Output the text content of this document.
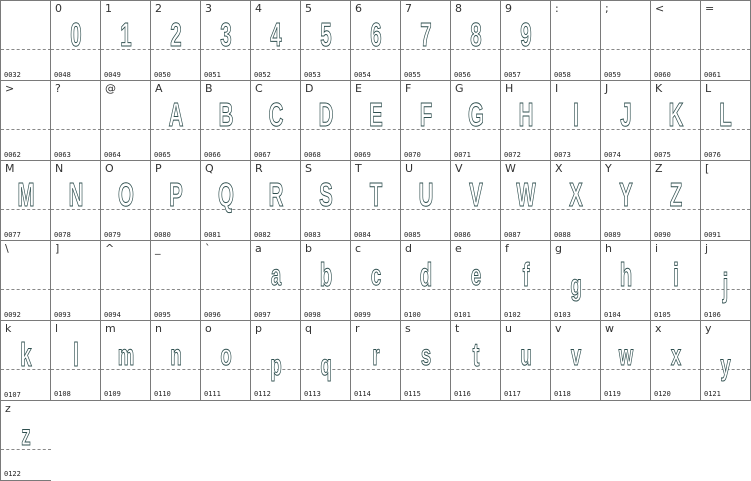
0032
0
0
0048
1
1
0049
2
2
0050
3
3
0051
4
4
0052
5
5
0053
6
6
0054
7
7
0055
8
8
0056
9
9
0057
:
0058
;
0059
<
0060
=
0061
>
0062
?
0063
@
0064
A
A
0065
B
B
0066
C
C
0067
D
D
0068
E
E
0069
F
F
0070
G
G
0071
H
H
0072
I
I
0073
J
J
0074
K
K
0075
L
L
0076
M
M
0077
N
N
0078
O
O
0079
P
P
0080
Q
Q
0081
R
R
0082
S
S
0083
T
T
0084
U
U
0085
V
V
0086
W
W
0087
X
X
0088
Y
Y
0089
Z
Z
0090
[
0091
\
0092
]
0093
^
0094
_
0095
`
0096
a
a
0097
b
b
0098
c
c
0099
d
d
0100
e
e
0101
f
f
0102
g
g
0103
h
h
0104
i
i
0105
j
j
0106
k
k
0107
l
l
0108
m
m
0109
n
n
0110
o
o
0111
p
p
0112
q
q
0113
r
r
0114
s
s
0115
t
t
0116
u
u
0117
v
v
0118
w
w
0119
x
x
0120
y
y
0121
z
z
0122
